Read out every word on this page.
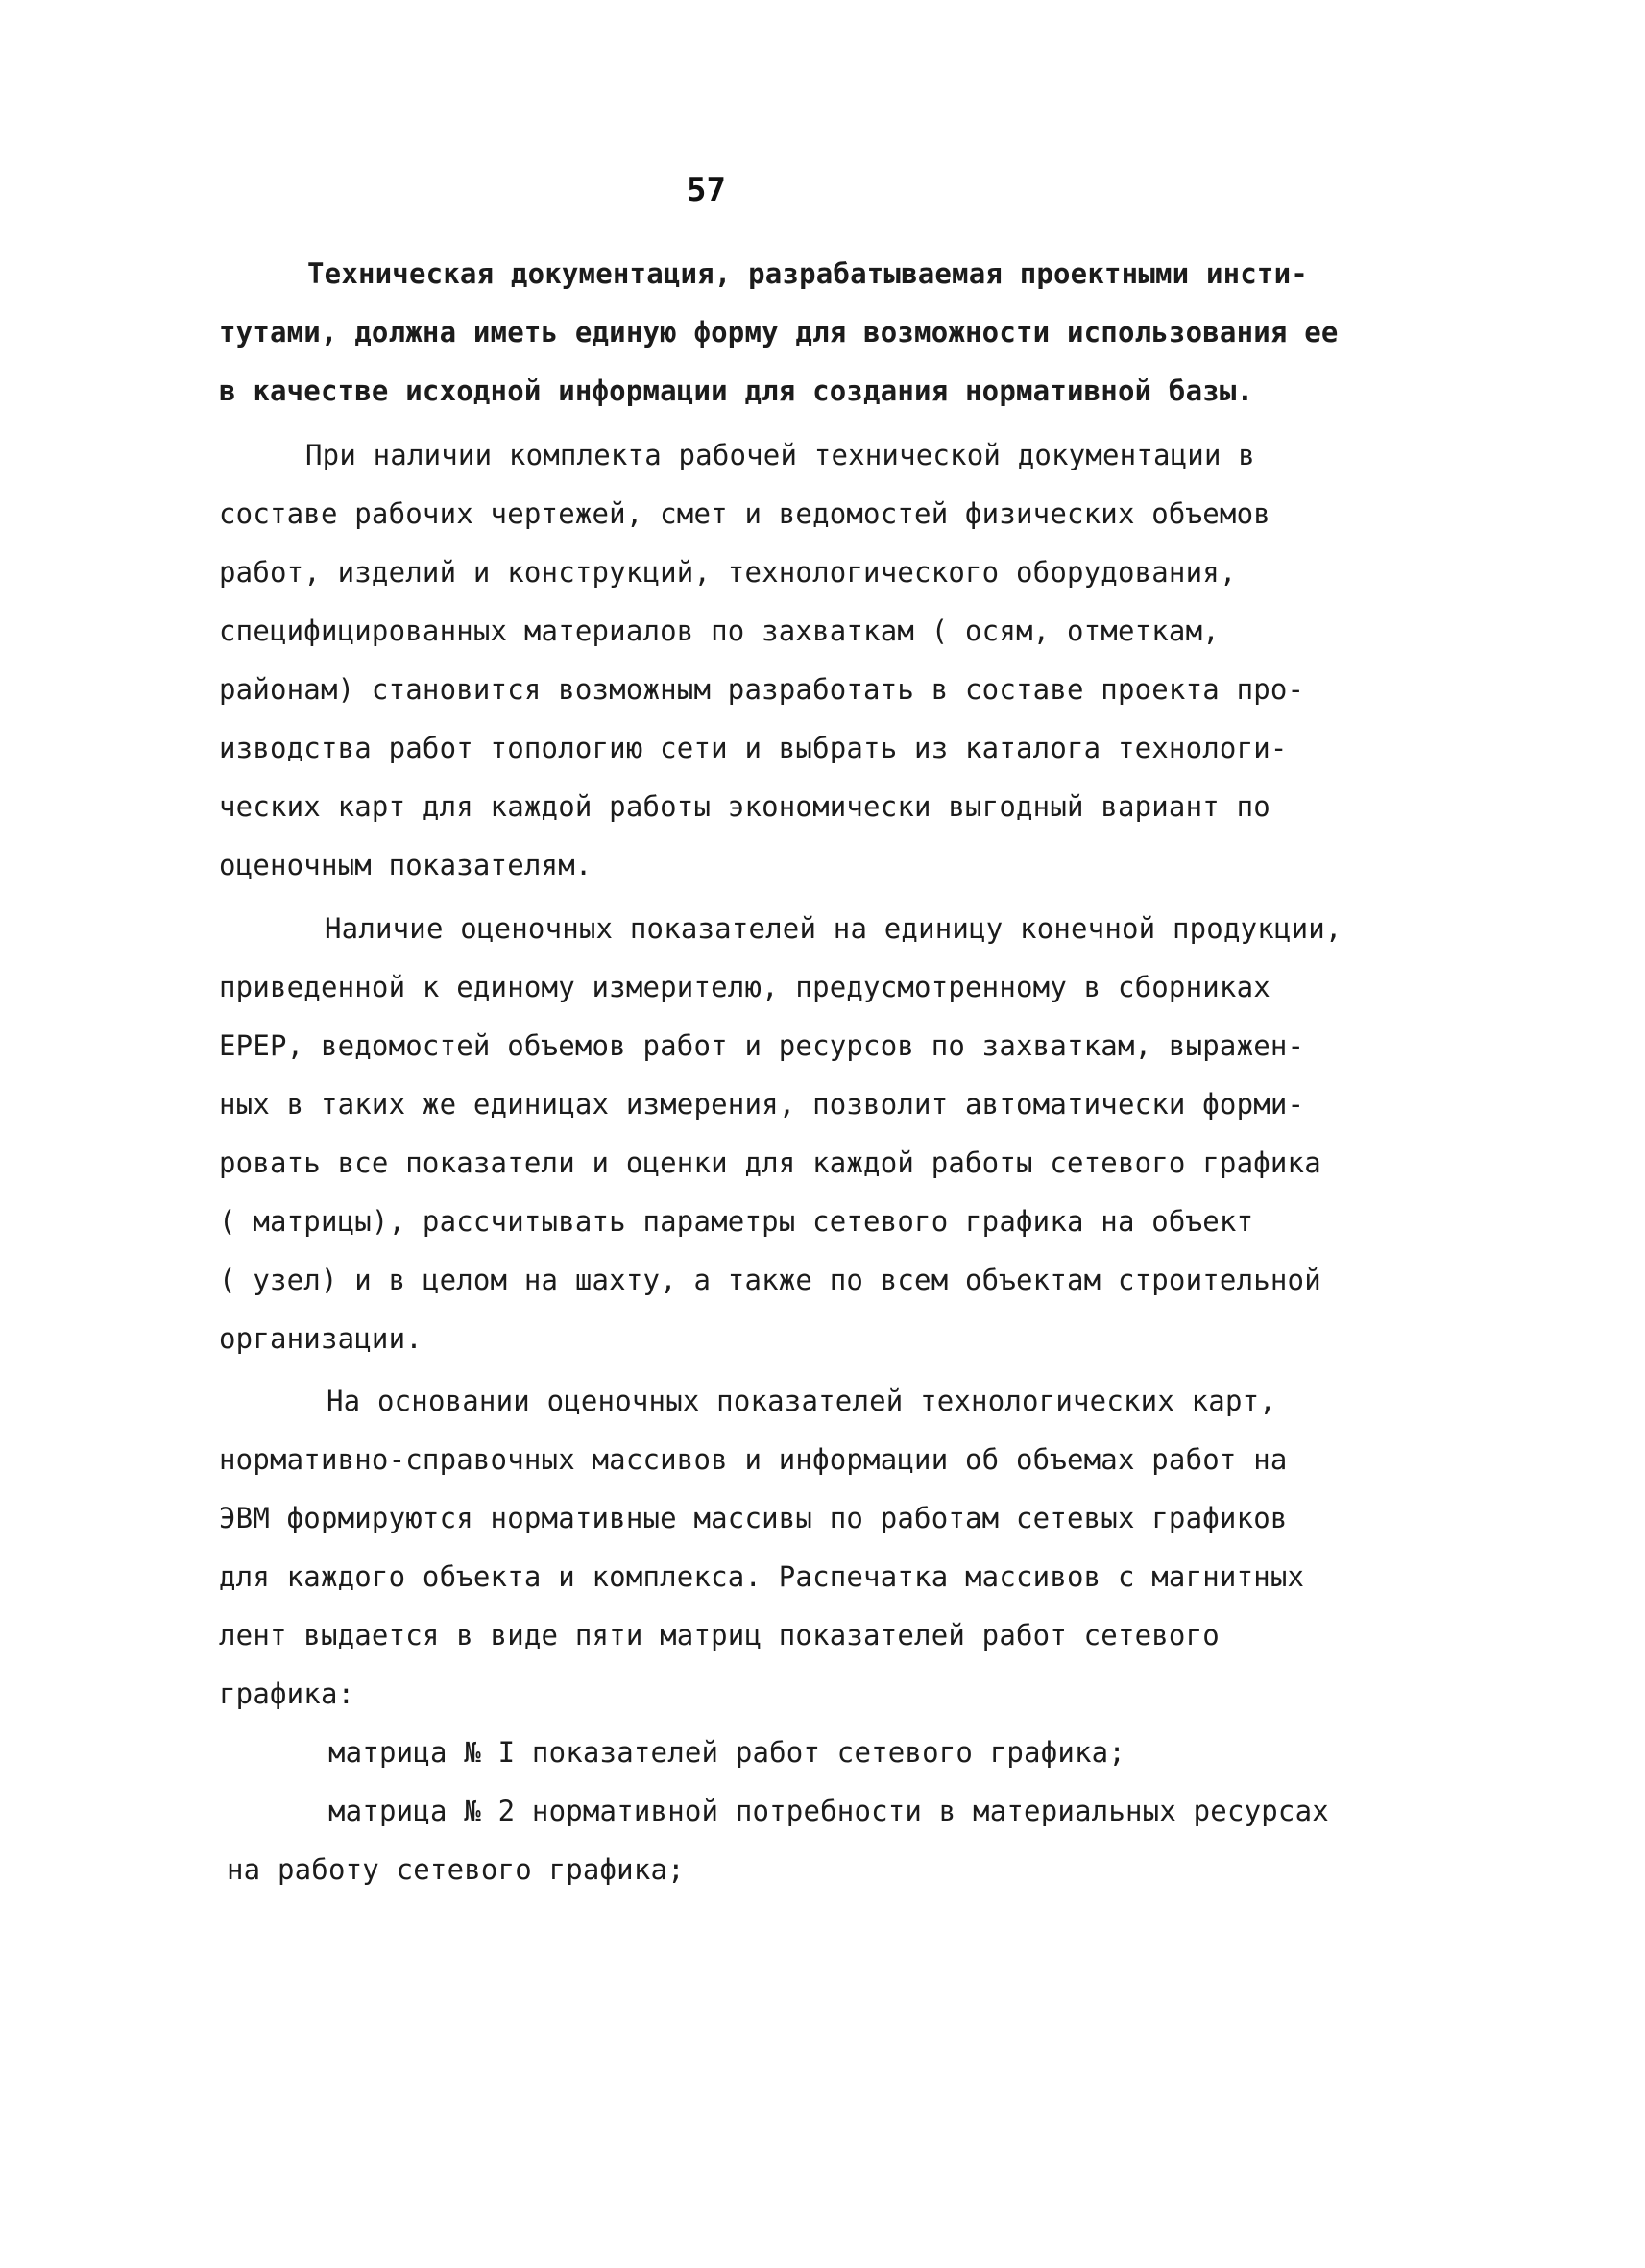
57
Техническая документация, разрабатываемая проектными инсти-
тутами, должна иметь единую форму для возможности использования ее
в качестве исходной информации для создания нормативной базы.
При наличии комплекта рабочей технической документации в
составе рабочих чертежей, смет и ведомостей физических объемов
работ, изделий и конструкций, технологического оборудования,
специфицированных материалов по захваткам ( осям, отметкам,
районам) становится возможным разработать в составе проекта про-
изводства работ топологию сети и выбрать из каталога технологи-
ческих карт для каждой работы экономически выгодный вариант по
оценочным показателям.
Наличие оценочных показателей на единицу конечной продукции,
приведенной к единому измерителю, предусмотренному в сборниках
ЕРЕР, ведомостей объемов работ и ресурсов по захваткам, выражен-
ных в таких же единицах измерения, позволит автоматически форми-
ровать все показатели и оценки для каждой работы сетевого графика
( матрицы), рассчитывать параметры сетевого графика на объект
( узел) и в целом на шахту, а также по всем объектам строительной
организации.
На основании оценочных показателей технологических карт,
нормативно-справочных массивов и информации об объемах работ на
ЭВМ формируются нормативные массивы по работам сетевых графиков
для каждого объекта и комплекса. Распечатка массивов с магнитных
лент выдается в виде пяти матриц показателей работ сетевого
графика:
матрица № I показателей работ сетевого графика;
матрица № 2 нормативной потребности в материальных ресурсах
на работу сетевого графика;
